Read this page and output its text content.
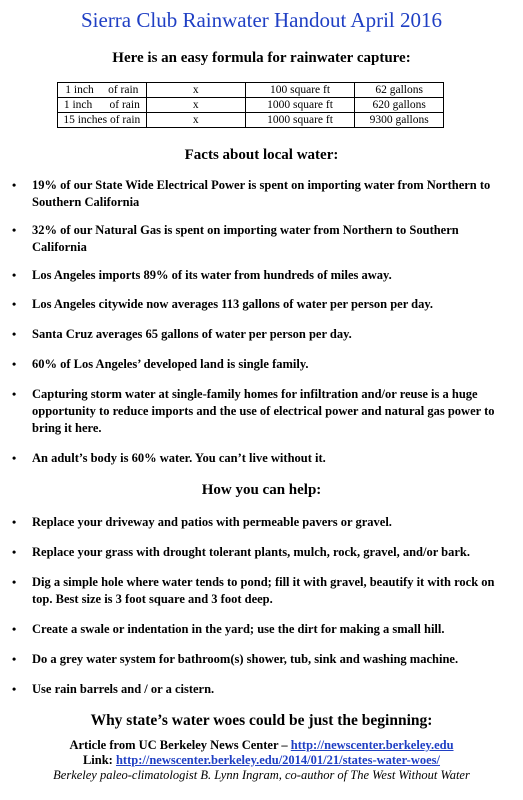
Sierra Club Rainwater Handout April 2016
Here is an easy formula for rainwater capture:
1 inch     of rain	x	100 square ft	62 gallons
1 inch      of rain	x	1000 square ft	620 gallons
15 inches of rain	x	1000 square ft	9300 gallons
Facts about local water:
• 19% of our State Wide Electrical Power is spent on importing water from Northern to Southern California
• 32% of our Natural Gas is spent on importing water from Northern to Southern California
• Los Angeles imports 89% of its water from hundreds of miles away.
• Los Angeles citywide now averages 113 gallons of water per person per day.
• Santa Cruz averages 65 gallons of water per person per day.
• 60% of Los Angeles’ developed land is single family.
• Capturing storm water at single-family homes for infiltration and/or reuse is a huge opportunity to reduce imports and the use of electrical power and natural gas power to bring it here.
• An adult’s body is 60% water. You can’t live without it.
How you can help:
• Replace your driveway and patios with permeable pavers or gravel.
• Replace your grass with drought tolerant plants, mulch, rock, gravel, and/or bark.
• Dig a simple hole where water tends to pond; fill it with gravel, beautify it with rock on top. Best size is 3 foot square and 3 foot deep.
• Create a swale or indentation in the yard; use the dirt for making a small hill.
• Do a grey water system for bathroom(s) shower, tub, sink and washing machine.
• Use rain barrels and / or a cistern.
Why state’s water woes could be just the beginning:
Article from UC Berkeley News Center – http://newscenter.berkeley.edu
Link: http://newscenter.berkeley.edu/2014/01/21/states-water-woes/
Berkeley paleo-climatologist B. Lynn Ingram, co-author of The West Without Water
